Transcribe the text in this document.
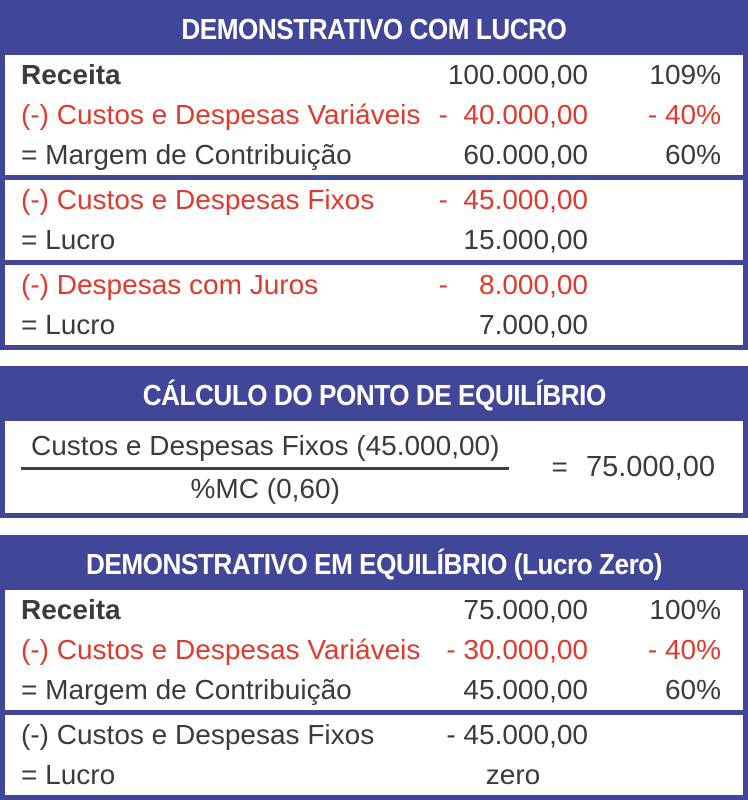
DEMONSTRATIVO COM LUCRO
Receita	100.000,00	109%
(-) Custos e Despesas Variáveis -  40.000,00	- 40%
= Margem de Contribuição	60.000,00	60%
(-) Custos e Despesas Fixos	-  45.000,00
= Lucro	15.000,00
(-) Despesas com Juros	-    8.000,00
= Lucro	7.000,00
CÁLCULO DO PONTO DE EQUILÍBRIO
$\frac{\text{Custos e Despesas Fixos (45.000,00)}}{\%MC (0,60)} = 75.000,00$
DEMONSTRATIVO EM EQUILÍBRIO (Lucro Zero)
Receita	75.000,00	100%
(-) Custos e Despesas Variáveis - 30.000,00	- 40%
= Margem de Contribuição	45.000,00	60%
(-) Custos e Despesas Fixos	- 45.000,00
= Lucro	zero
